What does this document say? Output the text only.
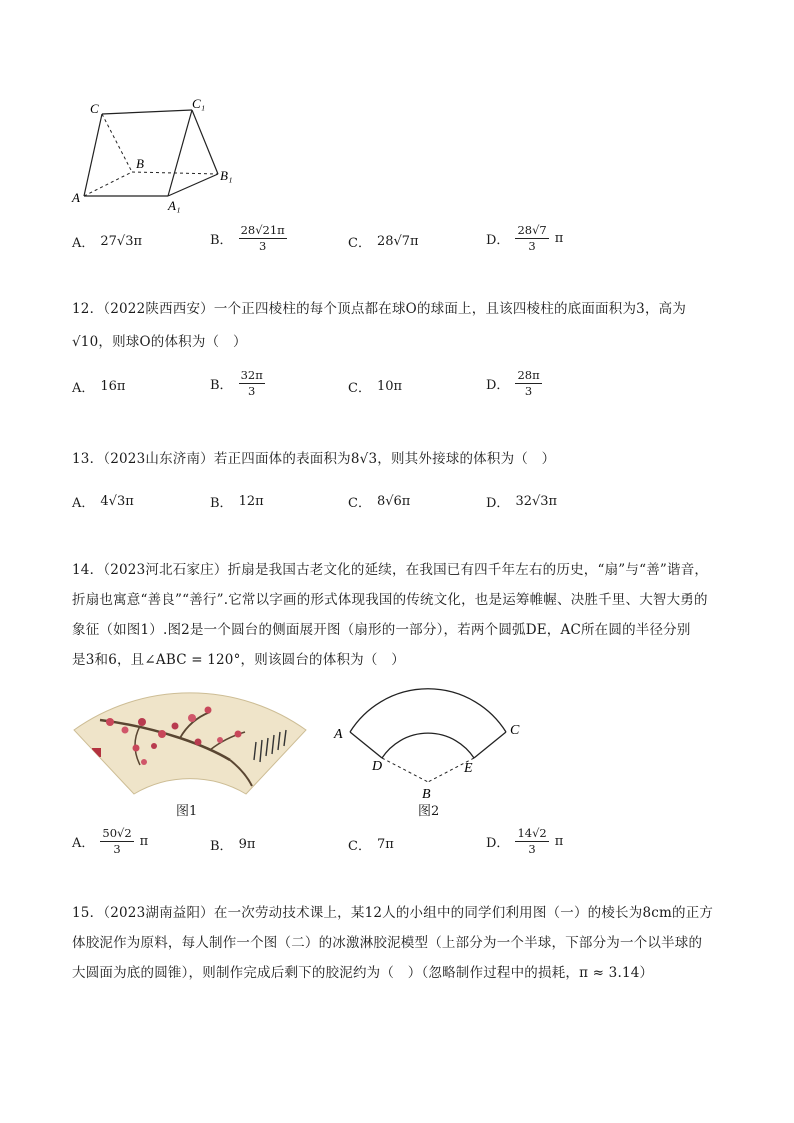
C	C₁
B
B₁
A
A₁
A． 27√3π	B． $\frac{28√21\pi}{3}$	C． 28√7π	D． $\frac{28√7}{3}$ π
12．（2022陕西西安）一个正四棱柱的每个顶点都在球O的球面上，且该四棱柱的底面面积为3，高为
√10，则球O的体积为（　）
A． 16π	B． $\frac{32\pi}{3}$	C． 10π	D． $\frac{28\pi}{3}$
13．（2023山东济南）若正四面体的表面积为8√3，则其外接球的体积为（　）
A． 4√3π	B． 12π	C． 8√6π	D． 32√3π
14．（2023河北石家庄）折扇是我国古老文化的延续，在我国已有四千年左右的历史，“扇”与“善”谐音，
折扇也寓意“善良”“善行”.它常以字画的形式体现我国的传统文化，也是运筹帷幄、决胜千里、大智大勇的
象征（如图1）.图2是一个圆台的侧面展开图（扇形的一部分），若两个圆弧DE，AC所在圆的半径分别
是3和6，且∠ABC = 120°，则该圆台的体积为（　）
图1
A	C
D	E
B
图2
A． $\frac{50√2}{3}$ π	B． 9π	C． 7π	D． $\frac{14√2}{3}$ π
15．（2023湖南益阳）在一次劳动技术课上，某12人的小组中的同学们利用图（一）的棱长为8cm的正方
体胶泥作为原料，每人制作一个图（二）的冰激淋胶泥模型（上部分为一个半球，下部分为一个以半球的
大圆面为底的圆锥），则制作完成后剩下的胶泥约为（　）（忽略制作过程中的损耗，π ≈ 3.14）
